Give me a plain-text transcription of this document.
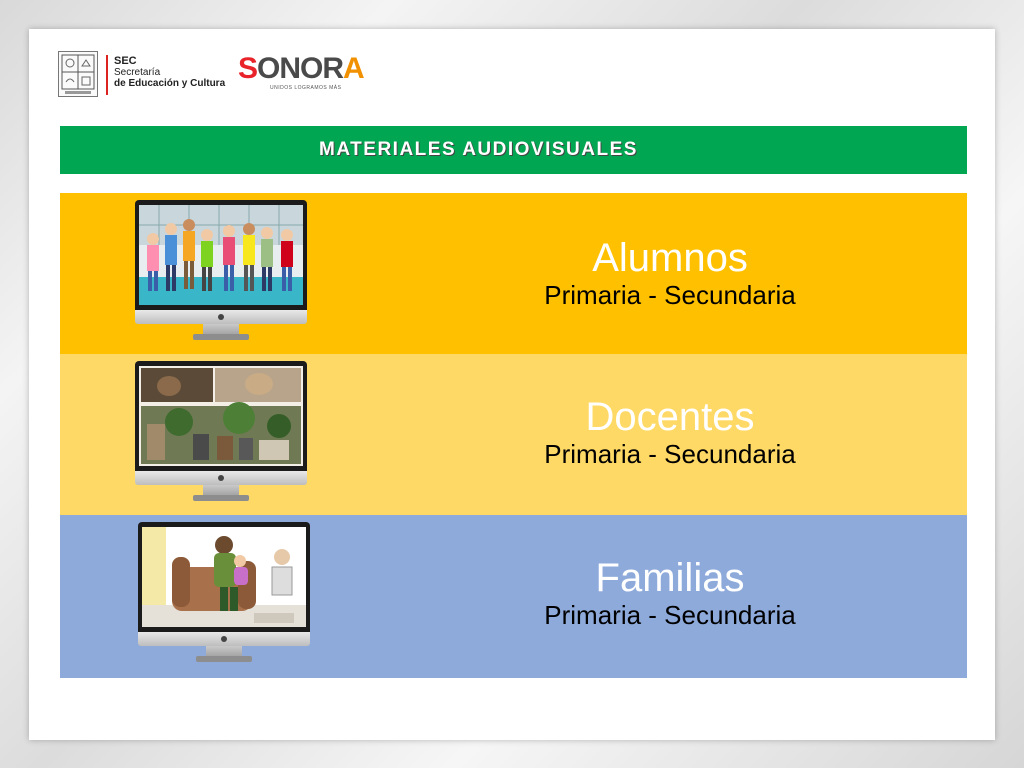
SEC
Secretaría
de Educación y Cultura SONORA
UNIDOS LOGRAMOS MÁS
MATERIALES AUDIOVISUALES
Alumnos
Primaria - Secundaria
Docentes
Primaria - Secundaria
Familias
Primaria - Secundaria
